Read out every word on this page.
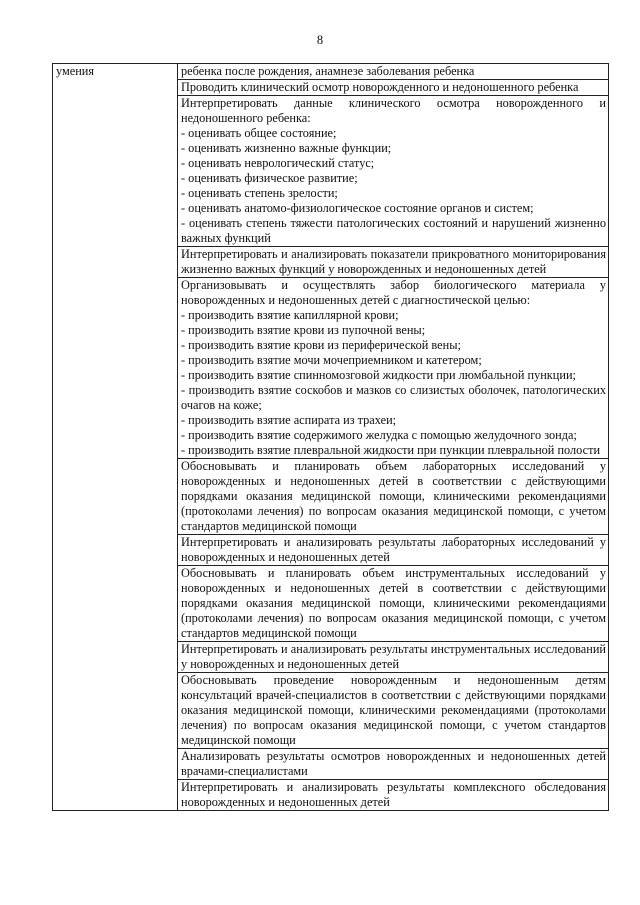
8
умения	ребенка после рождения, анамнезе заболевания ребенка

Проводить клинический осмотр новорожденного и недоношенного ребенка

Интерпретировать данные клинического осмотра новорожденного и недоношенного ребенка:
- оценивать общее состояние;
- оценивать жизненно важные функции;
- оценивать неврологический статус;
- оценивать физическое развитие;
- оценивать степень зрелости;
- оценивать анатомо-физиологическое состояние органов и систем;
- оценивать степень тяжести патологических состояний и нарушений жизненно важных функций

Интерпретировать и анализировать показатели прикроватного мониторирования жизненно важных функций у новорожденных и недоношенных детей

Организовывать и осуществлять забор биологического материала у новорожденных и недоношенных детей с диагностической целью:
- производить взятие капиллярной крови;
- производить взятие крови из пупочной вены;
- производить взятие крови из периферической вены;
- производить взятие мочи мочеприемником и катетером;
- производить взятие спинномозговой жидкости при люмбальной пункции;
- производить взятие соскобов и мазков со слизистых оболочек, патологических очагов на коже;
- производить взятие аспирата из трахеи;
- производить взятие содержимого желудка с помощью желудочного зонда;
- производить взятие плевральной жидкости при пункции плевральной полости

Обосновывать и планировать объем лабораторных исследований у новорожденных и недоношенных детей в соответствии с действующими порядками оказания медицинской помощи, клиническими рекомендациями (протоколами лечения) по вопросам оказания медицинской помощи, с учетом стандартов медицинской помощи

Интерпретировать и анализировать результаты лабораторных исследований у новорожденных и недоношенных детей

Обосновывать и планировать объем инструментальных исследований у новорожденных и недоношенных детей в соответствии с действующими порядками оказания медицинской помощи, клиническими рекомендациями (протоколами лечения) по вопросам оказания медицинской помощи, с учетом стандартов медицинской помощи

Интерпретировать и анализировать результаты инструментальных исследований у новорожденных и недоношенных детей

Обосновывать проведение новорожденным и недоношенным детям консультаций врачей-специалистов в соответствии с действующими порядками оказания медицинской помощи, клиническими рекомендациями (протоколами лечения) по вопросам оказания медицинской помощи, с учетом стандартов медицинской помощи

Анализировать результаты осмотров новорожденных и недоношенных детей врачами-специалистами

Интерпретировать и анализировать результаты комплексного обследования новорожденных и недоношенных детей
